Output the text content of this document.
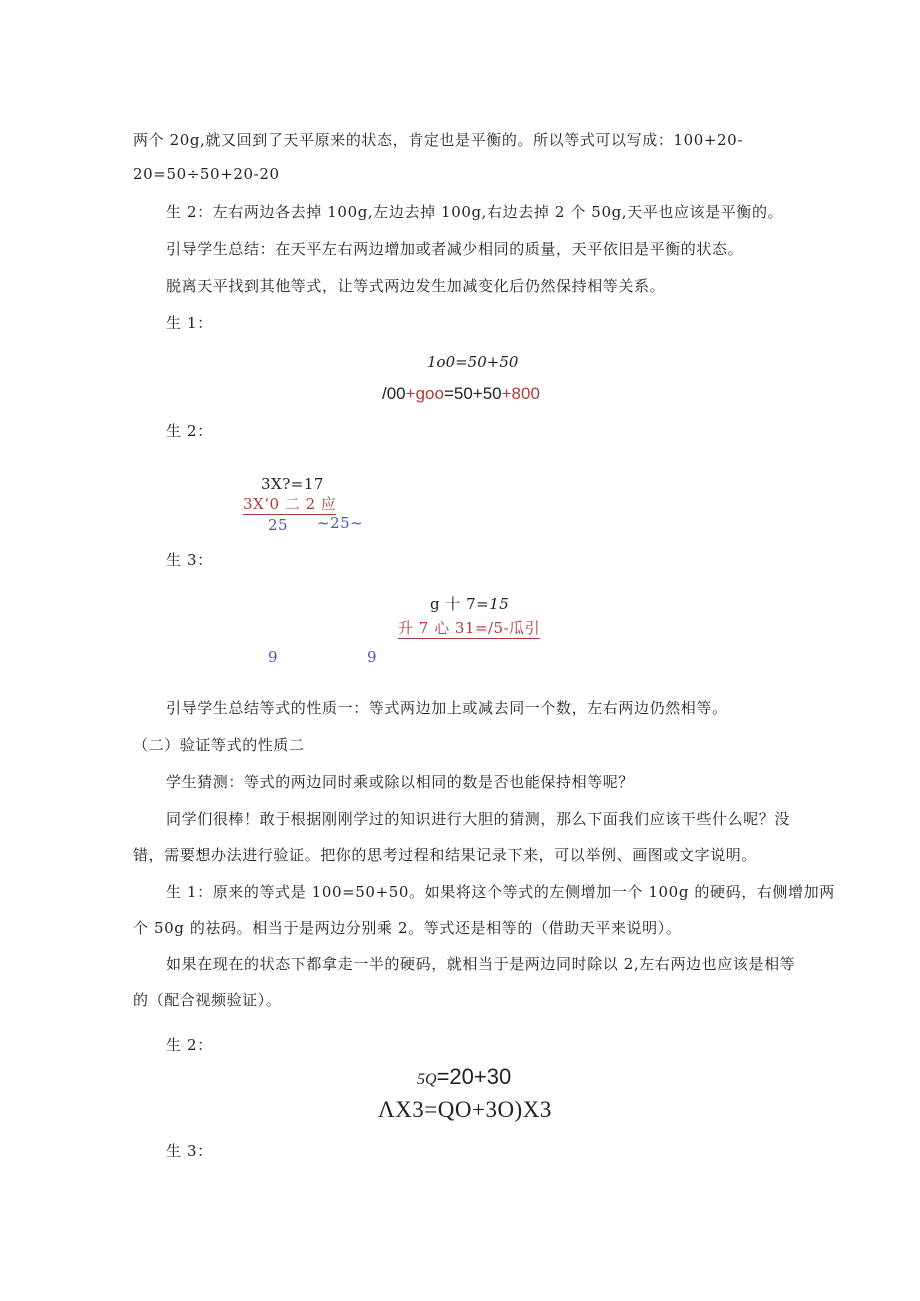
两个 20g,就又回到了天平原来的状态，肯定也是平衡的。所以等式可以写成：100+20-
20=50÷50+20-20
生 2：左右两边各去掉 100g,左边去掉 100g,右边去掉 2 个 50g,天平也应该是平衡的。
引导学生总结：在天平左右两边增加或者减少相同的质量，天平依旧是平衡的状态。
脱离天平找到其他等式，让等式两边发生加减变化后仍然保持相等关系。
生 1：
1o0=50+50
/00+goo=50+50+800
生 2：
3X?=17
3X‘0 二 2 应
25 ~25~
生 3：
g 十 7=15
升 7 心 31=/5-瓜引
9	9
引导学生总结等式的性质一：等式两边加上或减去同一个数，左右两边仍然相等。
（二）验证等式的性质二
学生猜测：等式的两边同时乘或除以相同的数是否也能保持相等呢？
同学们很棒！敢于根据刚刚学过的知识进行大胆的猜测，那么下面我们应该干些什么呢？没
错，需要想办法进行验证。把你的思考过程和结果记录下来，可以举例、画图或文字说明。
生 1：原来的等式是 100=50+50。如果将这个等式的左侧增加一个 100g 的硬码，右侧增加两
个 50g 的祛码。相当于是两边分别乘 2。等式还是相等的（借助天平来说明）。
如果在现在的状态下都拿走一半的硬码，就相当于是两边同时除以 2,左右两边也应该是相等
的（配合视频验证）。
生 2：
5Q=20+30
ΛX3=QO+3O)X3
生 3：
